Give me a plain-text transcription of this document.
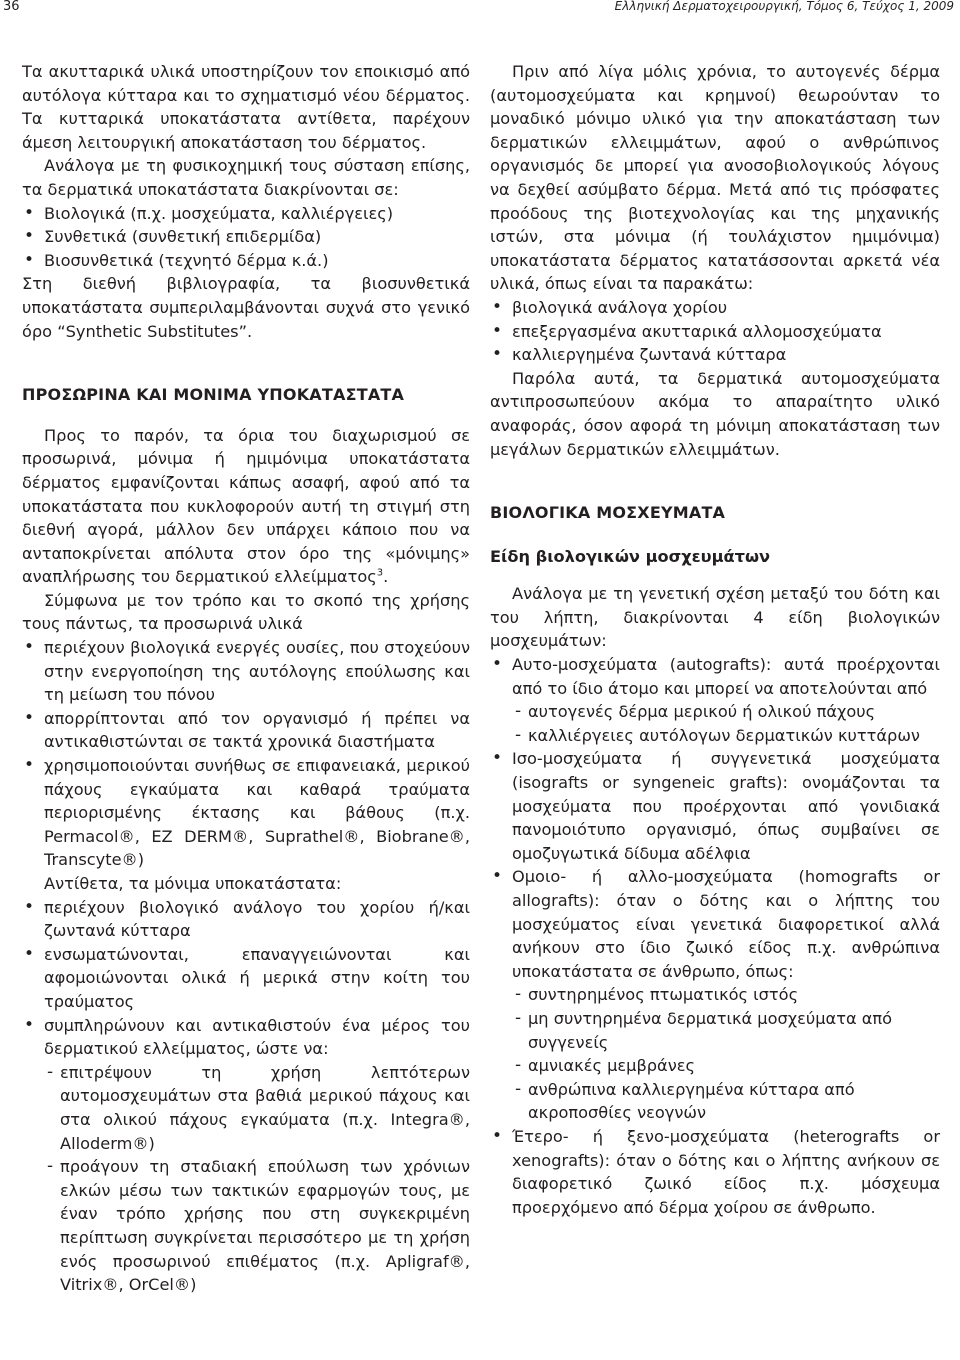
36	Ελληνική Δερματοχειρουργική, Τόμος 6, Τεύχος 1, 2009

Τα ακυτταρικά υλικά υποστηρίζουν τον εποικισμό από αυτόλογα κύτταρα και το σχηματισμό νέου δέρματος. Τα κυτταρικά υποκατάστατα αντίθετα, παρέχουν άμεση λειτουργική αποκατάσταση του δέρματος.

Ανάλογα με τη φυσικοχημική τους σύσταση επίσης, τα δερματικά υποκατάστατα διακρίνονται σε:

• Βιολογικά (π.χ. μοσχεύματα, καλλιέργειες)
• Συνθετικά (συνθετική επιδερμίδα)
• Βιοσυνθετικά (τεχνητό δέρμα κ.ά.)

Στη διεθνή βιβλιογραφία, τα βιοσυνθετικά υποκατάστατα συμπεριλαμβάνονται συχνά στο γενικό όρο “Synthetic Substitutes”.

ΠΡΟΣΩΡΙΝΑ ΚΑΙ ΜΟΝΙΜΑ ΥΠΟΚΑΤΑΣΤΑΤΑ

Προς το παρόν, τα όρια του διαχωρισμού σε προσωρινά, μόνιμα ή ημιμόνιμα υποκατάστατα δέρματος εμφανίζονται κάπως ασαφή, αφού από τα υποκατάστατα που κυκλοφορούν αυτή τη στιγμή στη διεθνή αγορά, μάλλον δεν υπάρχει κάποιο που να ανταποκρίνεται απόλυτα στον όρο της «μόνιμης» αναπλήρωσης του δερματικού ελλείμματος$^3$.

Σύμφωνα με τον τρόπο και το σκοπό της χρήσης τους πάντως, τα προσωρινά υλικά

• περιέχουν βιολογικά ενεργές ουσίες, που στοχεύουν στην ενεργοποίηση της αυτόλογης επούλωσης και τη μείωση του πόνου
• απορρίπτονται από τον οργανισμό ή πρέπει να αντικαθιστώνται σε τακτά χρονικά διαστήματα
• χρησιμοποιούνται συνήθως σε επιφανειακά, μερικού πάχους εγκαύματα και καθαρά τραύματα περιορισμένης έκτασης και βάθους (π.χ. Permacol®, EZ DERM®, Suprathel®, Biobrane®, Transcyte®)

Αντίθετα, τα μόνιμα υποκατάστατα:

• περιέχουν βιολογικό ανάλογο του χορίου ή/και ζωντανά κύτταρα
• ενσωματώνονται, επαναγγειώνονται και αφομοιώνονται ολικά ή μερικά στην κοίτη του τραύματος
• συμπληρώνουν και αντικαθιστούν ένα μέρος του δερματικού ελλείμματος, ώστε να:
- επιτρέψουν τη χρήση λεπτότερων αυτομοσχευμάτων στα βαθιά μερικού πάχους και στα ολικού πάχους εγκαύματα (π.χ. Integra®, Alloderm®)
- προάγουν τη σταδιακή επούλωση των χρόνιων ελκών μέσω των τακτικών εφαρμογών τους, με έναν τρόπο χρήσης που στη συγκεκριμένη περίπτωση συγκρίνεται περισσότερο με τη χρήση ενός προσωρινού επιθέματος (π.χ. Apligraf®, Vitrix®, OrCel®)

Πριν από λίγα μόλις χρόνια, το αυτογενές δέρμα (αυτομοσχεύματα και κρημνοί) θεωρούνταν το μοναδικό μόνιμο υλικό για την αποκατάσταση των δερματικών ελλειμμάτων, αφού ο ανθρώπινος οργανισμός δε μπορεί για ανοσοβιολογικούς λόγους να δεχθεί ασύμβατο δέρμα. Μετά από τις πρόσφατες προόδους της βιοτεχνολογίας και της μηχανικής ιστών, στα μόνιμα (ή τουλάχιστον ημιμόνιμα) υποκατάστατα δέρματος κατατάσσονται αρκετά νέα υλικά, όπως είναι τα παρακάτω:

• βιολογικά ανάλογα χορίου
• επεξεργασμένα ακυτταρικά αλλομοσχεύματα
• καλλιεργημένα ζωντανά κύτταρα

Παρόλα αυτά, τα δερματικά αυτομοσχεύματα αντιπροσωπεύουν ακόμα το απαραίτητο υλικό αναφοράς, όσον αφορά τη μόνιμη αποκατάσταση των μεγάλων δερματικών ελλειμμάτων.

ΒΙΟΛΟΓΙΚΑ ΜΟΣΧΕΥΜΑΤΑ
Είδη βιολογικών μοσχευμάτων

Ανάλογα με τη γενετική σχέση μεταξύ του δότη και του λήπτη, διακρίνονται 4 είδη βιολογικών μοσχευμάτων:

• Αυτο-μοσχεύματα (autografts): αυτά προέρχονται από το ίδιο άτομο και μπορεί να αποτελούνται από
- αυτογενές δέρμα μερικού ή ολικού πάχους
- καλλιέργειες αυτόλογων δερματικών κυττάρων
• Ισο-μοσχεύματα ή συγγενετικά μοσχεύματα (isografts or syngeneic grafts): ονομάζονται τα μοσχεύματα που προέρχονται από γονιδιακά πανομοιότυπο οργανισμό, όπως συμβαίνει σε ομοζυγωτικά δίδυμα αδέλφια
• Ομοιο- ή αλλο-μοσχεύματα (homografts or allografts): όταν ο δότης και ο λήπτης του μοσχεύματος είναι γενετικά διαφορετικοί αλλά ανήκουν στο ίδιο ζωικό είδος π.χ. ανθρώπινα υποκατάστατα σε άνθρωπο, όπως:
- συντηρημένος πτωματικός ιστός
- μη συντηρημένα δερματικά μοσχεύματα από συγγενείς
- αμνιακές μεμβράνες
- ανθρώπινα καλλιεργημένα κύτταρα από ακροποσθίες νεογνών
• Έτερο- ή ξενο-μοσχεύματα (heterografts or xenografts): όταν ο δότης και ο λήπτης ανήκουν σε διαφορετικό ζωικό είδος π.χ. μόσχευμα προερχόμενο από δέρμα χοίρου σε άνθρωπο.
